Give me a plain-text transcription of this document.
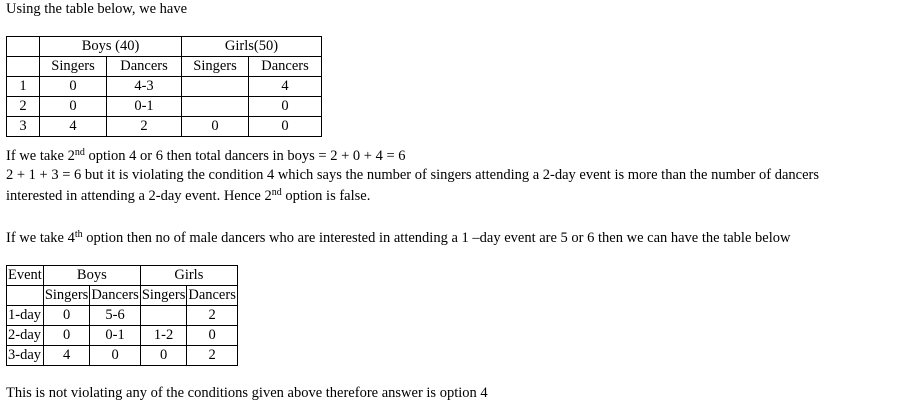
Using the table below, we have
	Boys (40)		Girls(50)	
	Singers	Dancers	Singers	Dancers
1	0	4-3		4
2	0	0-1		0
3	4	2	0	0
If we take 2nd option 4 or 6 then total dancers in boys = 2 + 0 + 4 = 6
2 + 1 + 3 = 6 but it is violating the condition 4 which says the number of singers attending a 2-day event is more than the number of dancers
interested in attending a 2-day event. Hence 2nd option is false.
If we take 4th option then no of male dancers who are interested in attending a 1 –day event are 5 or 6 then we can have the table below
Event	Boys		Girls	
	Singers	Dancers	Singers	Dancers
1-day	0	5-6		2
2-day	0	0-1	1-2	0
3-day	4	0	0	2
This is not violating any of the conditions given above therefore answer is option 4
